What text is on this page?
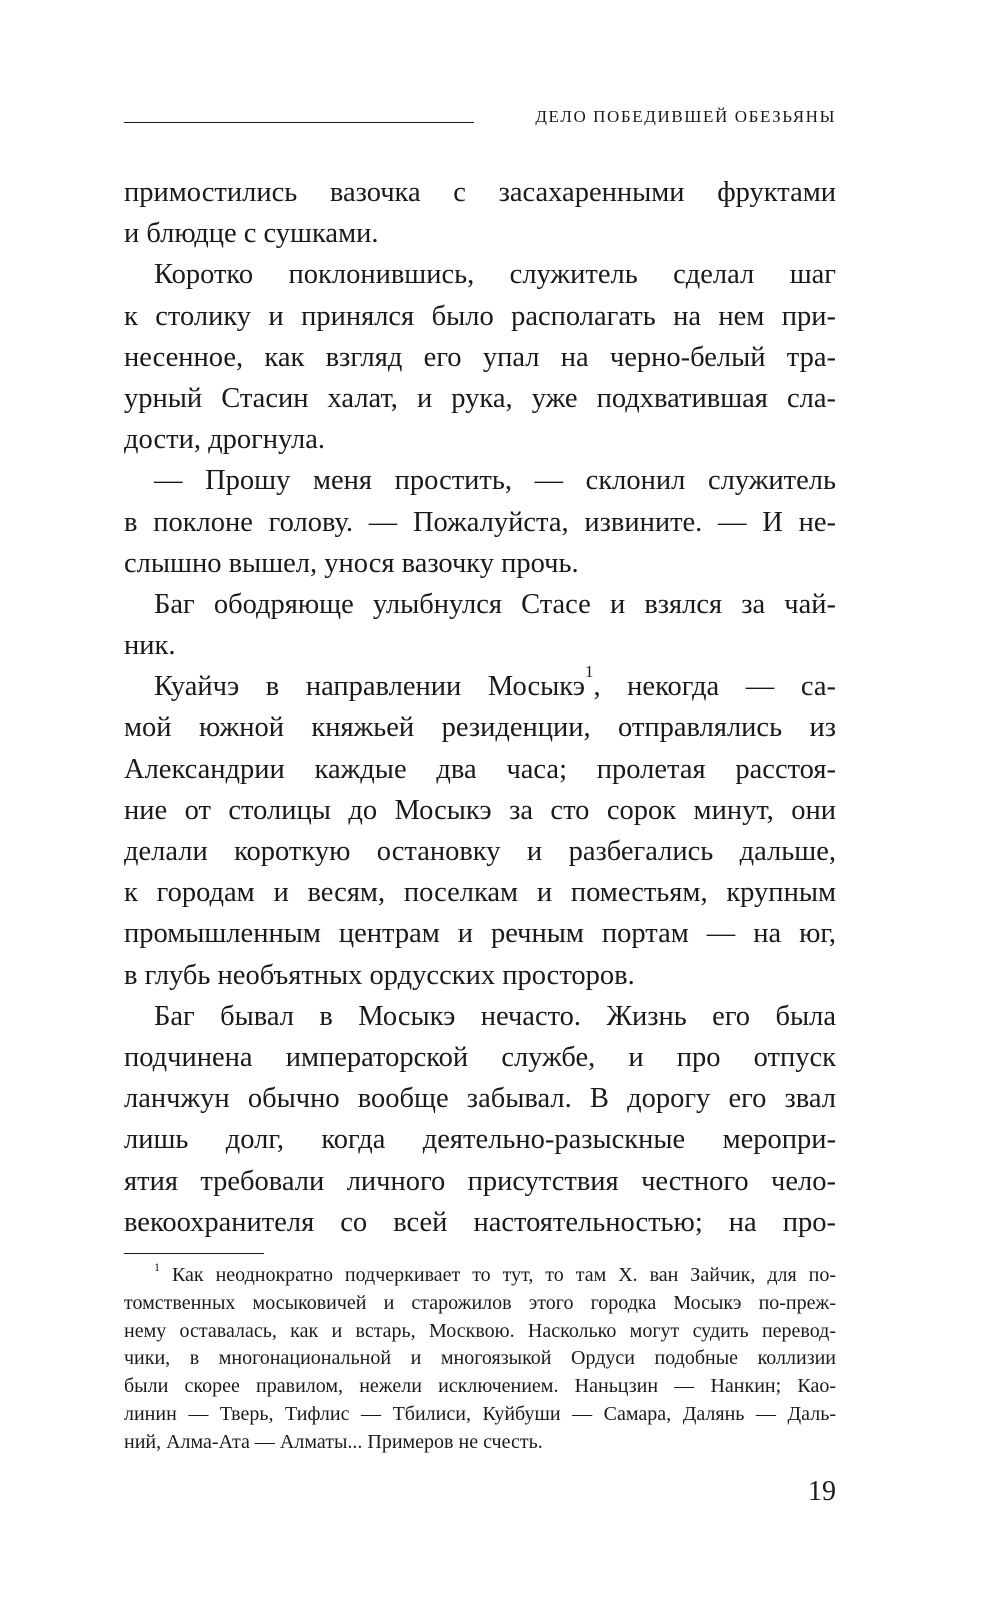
ДЕЛО ПОБЕДИВШЕЙ ОБЕЗЬЯНЫ
примостились вазочка с засахаренными фруктами
и блюдце с сушками.
Коротко поклонившись, служитель сделал шаг
к столику и принялся было располагать на нем при-
несенное, как взгляд его упал на черно-белый тра-
урный Стасин халат, и рука, уже подхватившая сла-
дости, дрогнула.
— Прошу меня простить, — склонил служитель
в поклоне голову. — Пожалуйста, извините. — И не-
слышно вышел, унося вазочку прочь.
Баг ободряюще улыбнулся Стасе и взялся за чай-
ник.
Куайчэ в направлении Мосыкэ$^1$, некогда — са-
мой южной княжьей резиденции, отправлялись из
Александрии каждые два часа; пролетая расстоя-
ние от столицы до Мосыкэ за сто сорок минут, они
делали короткую остановку и разбегались дальше,
к городам и весям, поселкам и поместьям, крупным
промышленным центрам и речным портам — на юг,
в глубь необъятных ордусских просторов.
Баг бывал в Мосыкэ нечасто. Жизнь его была
подчинена императорской службе, и про отпуск
ланчжун обычно вообще забывал. В дорогу его звал
лишь долг, когда деятельно-разыскные меропри-
ятия требовали личного присутствия честного чело-
векоохранителя со всей настоятельностью; на про-
$^1$ Как неоднократно подчеркивает то тут, то там Х. ван Зайчик, для по-
томственных мосыковичей и старожилов этого городка Мосыкэ по-преж-
нему оставалась, как и встарь, Москвою. Насколько могут судить перевод-
чики, в многонациональной и многоязыкой Ордуси подобные коллизии
были скорее правилом, нежели исключением. Наньцзин — Нанкин; Као-
линин — Тверь, Тифлис — Тбилиси, Куйбуши — Самара, Далянь — Даль-
ний, Алма-Ата — Алматы... Примеров не счесть.
19
